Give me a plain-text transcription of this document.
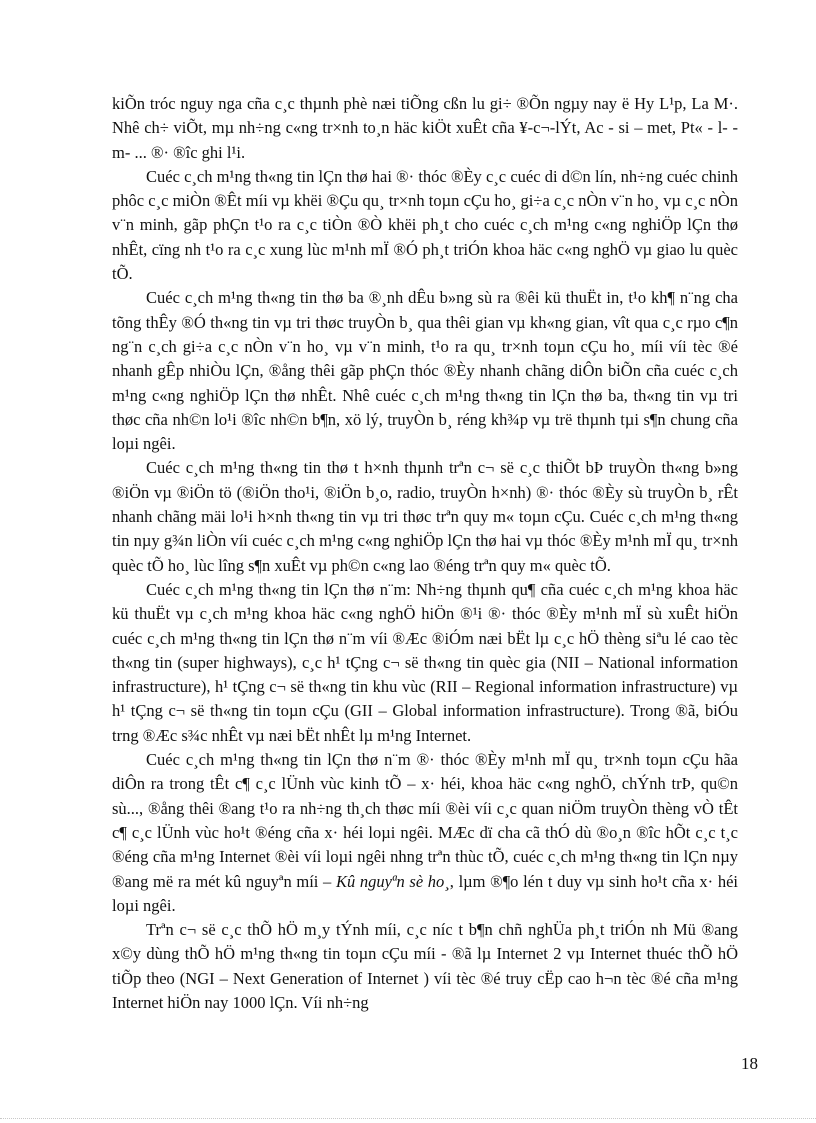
kiÕn tróc nguy nga cña c¸c thµnh phè næi tiÕng cßn lu gi÷ ®Õn ngµy nay ë Hy L¹p, La M·. Nhê ch÷ viÕt, mµ nh÷ng c«ng tr×nh to¸n häc kiÖt xuÊt cña ¥-c¬-lÝt, Ac - si – met, Pt« - l- - m- ... ®· ®îc ghi l¹i.

Cuéc c¸ch m¹ng th«ng tin lÇn thø hai ®· thóc ®Èy c¸c cuéc di d©n lín, nh÷ng cuéc chinh phôc c¸c miÒn ®Êt míi vµ khëi ®Çu qu¸ tr×nh toµn cÇu ho¸ gi÷a c¸c nÒn v¨n ho¸ vµ c¸c nÒn v¨n minh, gãp phÇn t¹o ra c¸c tiÒn ®Ò khëi ph¸t cho cuéc c¸ch m¹ng c«ng nghiÖp lÇn thø nhÊt, cïng nh t¹o ra c¸c xung lùc m¹nh mÏ ®Ó ph¸t triÓn khoa häc c«ng nghÖ vµ giao lu quèc tÕ.

Cuéc c¸ch m¹ng th«ng tin thø ba ®¸nh dÊu b»ng sù ra ®êi kü thuËt in, t¹o kh¶ n¨ng cha tõng thÊy ®Ó th«ng tin vµ tri thøc truyÒn b¸ qua thêi gian vµ kh«ng gian, vît qua c¸c rµo c¶n ng¨n c¸ch gi÷a c¸c nÒn v¨n ho¸ vµ v¨n minh, t¹o ra qu¸ tr×nh toµn cÇu ho¸ míi víi tèc ®é nhanh gÊp nhiÒu lÇn, ®ång thêi gãp phÇn thóc ®Èy nhanh chãng diÔn biÕn cña cuéc c¸ch m¹ng c«ng nghiÖp lÇn thø nhÊt. Nhê cuéc c¸ch m¹ng th«ng tin lÇn thø ba, th«ng tin vµ tri thøc cña nh©n lo¹i ®îc nh©n b¶n, xö lý, truyÒn b¸ réng kh¾p vµ trë thµnh tµi s¶n chung cña loµi ngêi.

Cuéc c¸ch m¹ng th«ng tin thø t h×nh thµnh trªn c¬ së c¸c thiÕt bÞ truyÒn th«ng b»ng ®iÖn vµ ®iÖn tö (®iÖn tho¹i, ®iÖn b¸o, radio, truyÒn h×nh) ®· thóc ®Èy sù truyÒn b¸ rÊt nhanh chãng mäi lo¹i h×nh th«ng tin vµ tri thøc trªn quy m« toµn cÇu. Cuéc c¸ch m¹ng th«ng tin nµy g¾n liÒn víi cuéc c¸ch m¹ng c«ng nghiÖp lÇn thø hai vµ thóc ®Èy m¹nh mÏ qu¸ tr×nh quèc tÕ ho¸ lùc lîng s¶n xuÊt vµ ph©n c«ng lao ®éng trªn quy m« quèc tÕ.

Cuéc c¸ch m¹ng th«ng tin lÇn thø n¨m: Nh÷ng thµnh qu¶ cña cuéc c¸ch m¹ng khoa häc kü thuËt vµ c¸ch m¹ng khoa häc c«ng nghÖ hiÖn ®¹i ®· thóc ®Èy m¹nh mÏ sù xuÊt hiÖn cuéc c¸ch m¹ng th«ng tin lÇn thø n¨m víi ®Æc ®iÓm næi bËt lµ c¸c hÖ thèng siªu lé cao tèc th«ng tin (super highways), c¸c h¹ tÇng c¬ së th«ng tin quèc gia (NII – National information infrastructure), h¹ tÇng c¬ së th«ng tin khu vùc (RII – Regional information infrastructure) vµ h¹ tÇng c¬ së th«ng tin toµn cÇu (GII – Global information infrastructure). Trong ®ã, biÓu trng ®Æc s¾c nhÊt vµ næi bËt nhÊt lµ m¹ng Internet.

Cuéc c¸ch m¹ng th«ng tin lÇn thø n¨m ®· thóc ®Èy m¹nh mÏ qu¸ tr×nh toµn cÇu hãa diÔn ra trong tÊt c¶ c¸c lÜnh vùc kinh tÕ – x· héi, khoa häc c«ng nghÖ, chÝnh trÞ, qu©n sù..., ®ång thêi ®ang t¹o ra nh÷ng th¸ch thøc míi ®èi víi c¸c quan niÖm truyÒn thèng vÒ tÊt c¶ c¸c lÜnh vùc ho¹t ®éng cña x· héi loµi ngêi. MÆc dï cha cã thÓ dù ®o¸n ®îc hÕt c¸c t¸c ®éng cña m¹ng Internet ®èi víi loµi ngêi nhng trªn thùc tÕ, cuéc c¸ch m¹ng th«ng tin lÇn nµy ®ang më ra mét kû nguyªn míi – Kû nguyªn sè ho¸, lµm ®¶o lén t duy vµ sinh ho¹t cña x· héi loµi ngêi.

Trªn c¬ së c¸c thÕ hÖ m¸y tÝnh míi, c¸c níc t b¶n chñ nghÜa ph¸t triÓn nh Mü ®ang x©y dùng thÕ hÖ m¹ng th«ng tin toµn cÇu míi - ®ã lµ Internet 2 vµ Internet thuéc thÕ hÖ tiÕp theo (NGI – Next Generation of Internet ) víi tèc ®é truy cËp cao h¬n tèc ®é cña m¹ng Internet hiÖn nay 1000 lÇn. Víi nh÷ng

18
